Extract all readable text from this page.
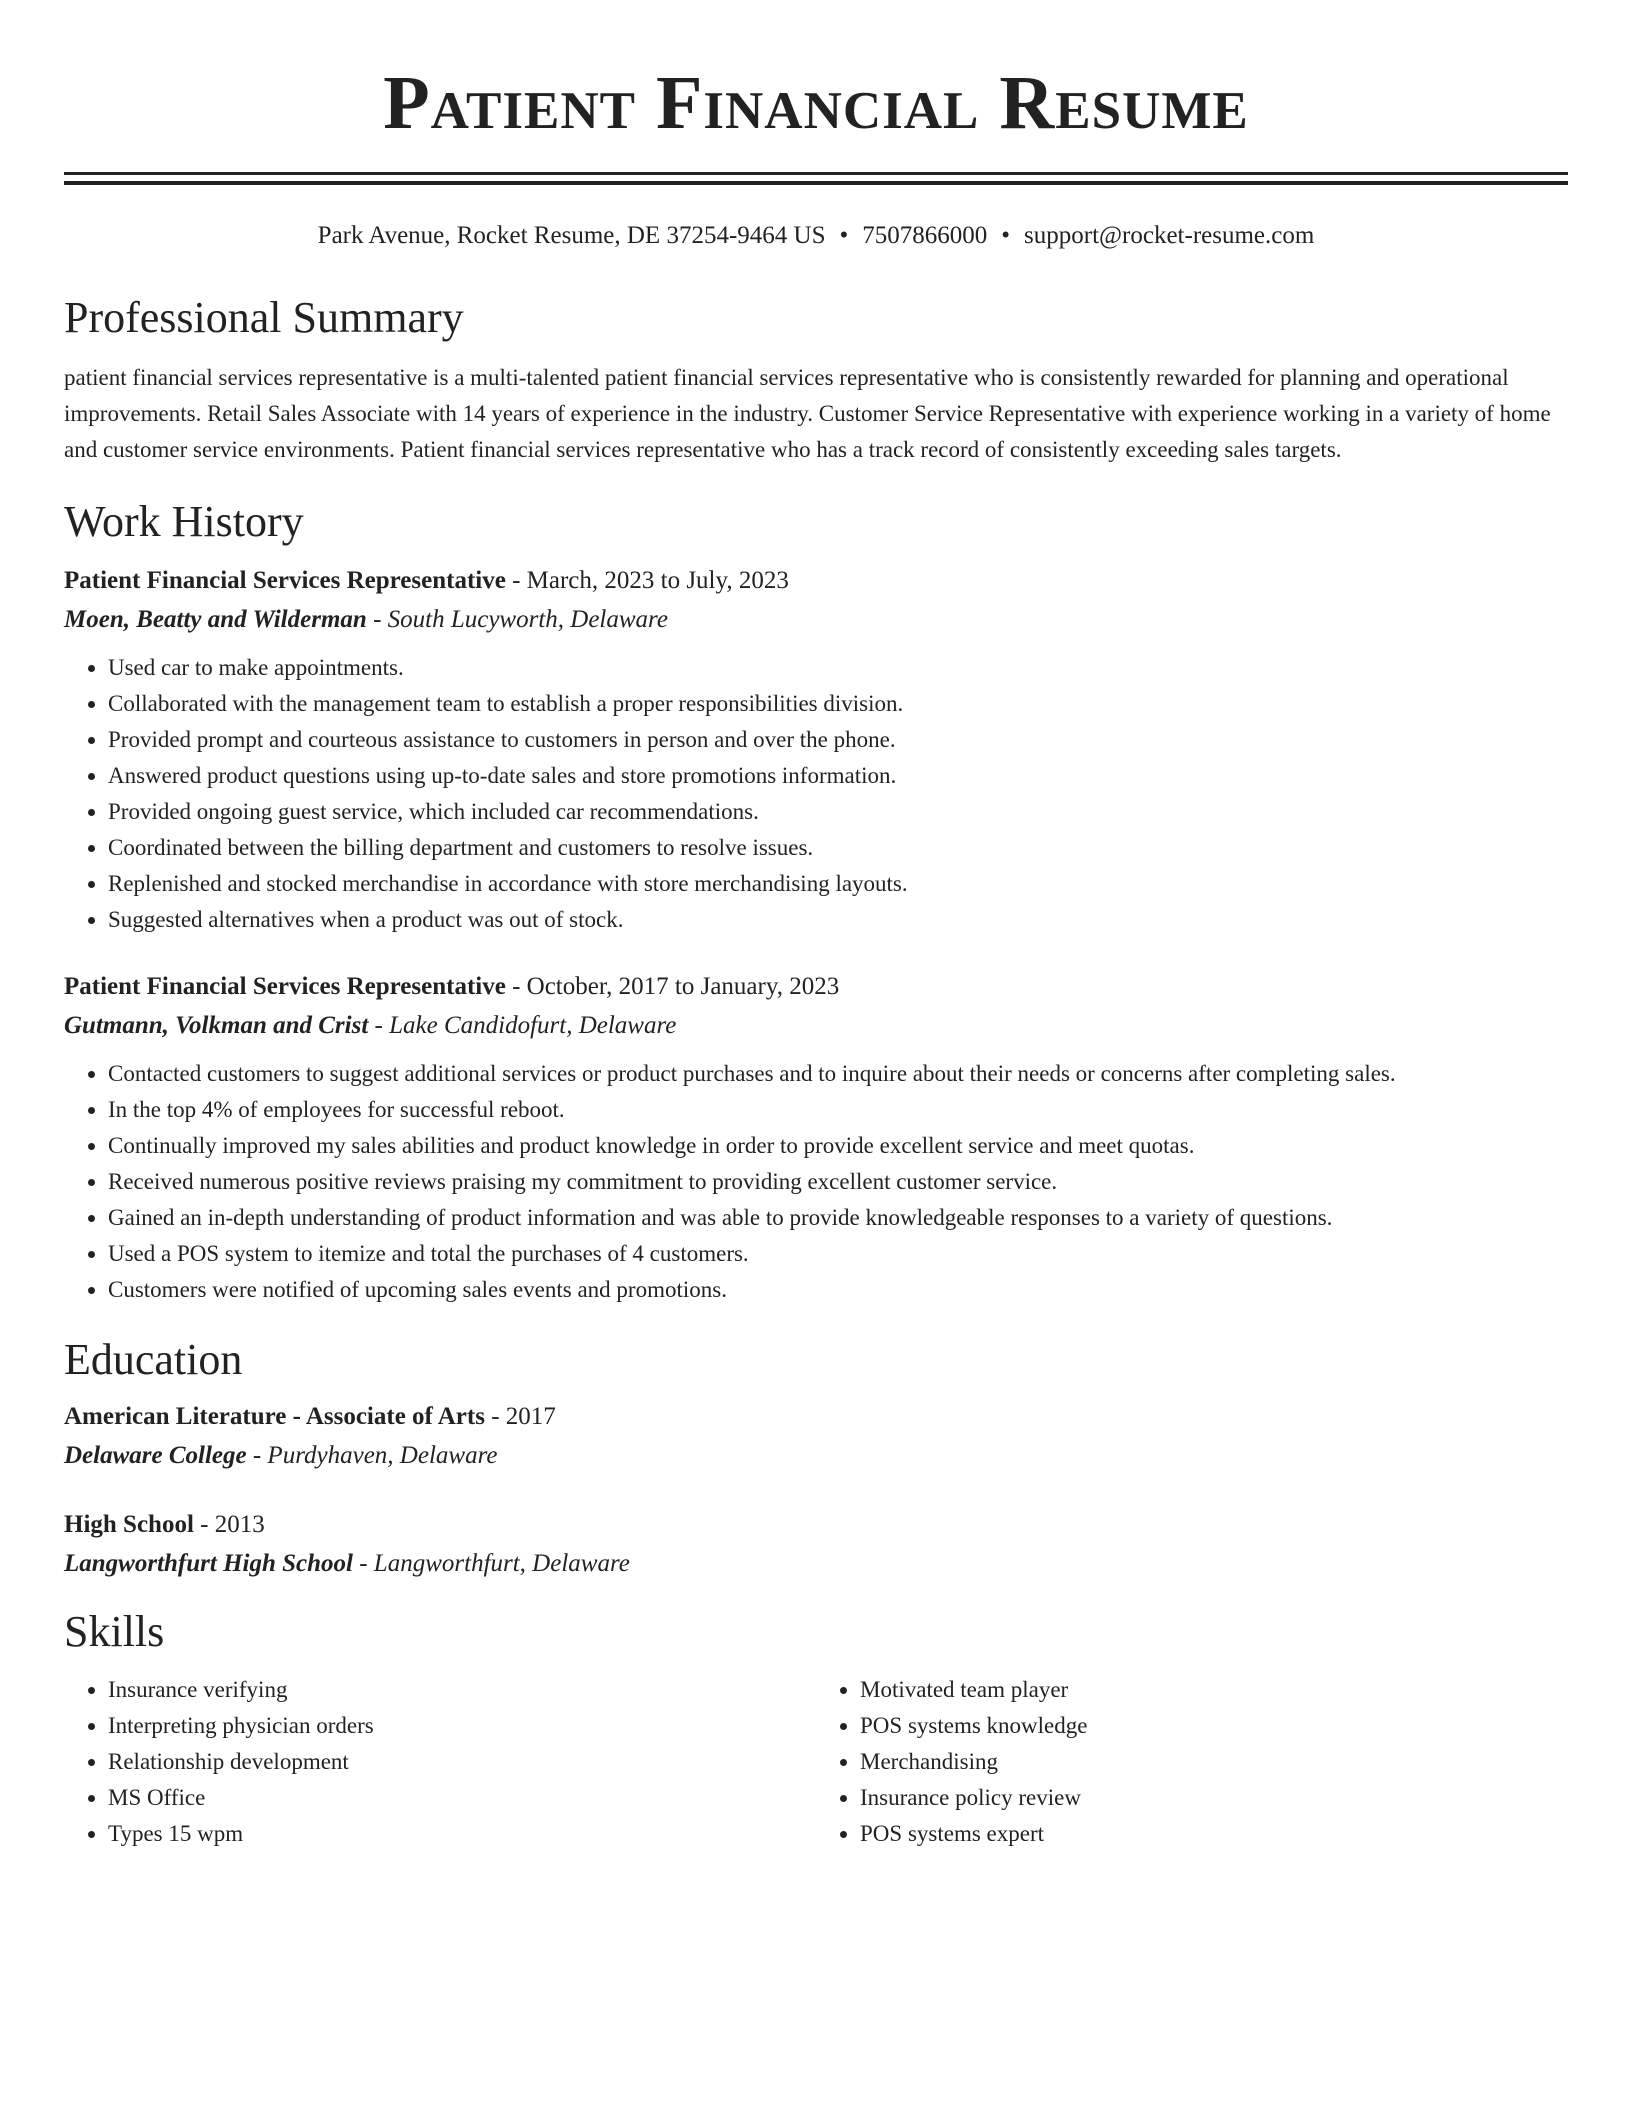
Patient Financial Resume
Park Avenue, Rocket Resume, DE 37254-9464 US • 7507866000 • support@rocket-resume.com
Professional Summary

patient financial services representative is a multi-talented patient financial services representative who is consistently rewarded for planning and operational improvements. Retail Sales Associate with 14 years of experience in the industry. Customer Service Representative with experience working in a variety of home and customer service environments. Patient financial services representative who has a track record of consistently exceeding sales targets.

Work History
Patient Financial Services Representative - March, 2023 to July, 2023
Moen, Beatty and Wilderman - South Lucyworth, Delaware
• Used car to make appointments.
• Collaborated with the management team to establish a proper responsibilities division.
• Provided prompt and courteous assistance to customers in person and over the phone.
• Answered product questions using up-to-date sales and store promotions information.
• Provided ongoing guest service, which included car recommendations.
• Coordinated between the billing department and customers to resolve issues.
• Replenished and stocked merchandise in accordance with store merchandising layouts.
• Suggested alternatives when a product was out of stock.
Patient Financial Services Representative - October, 2017 to January, 2023
Gutmann, Volkman and Crist - Lake Candidofurt, Delaware
• Contacted customers to suggest additional services or product purchases and to inquire about their needs or concerns after completing sales.
• In the top 4% of employees for successful reboot.
• Continually improved my sales abilities and product knowledge in order to provide excellent service and meet quotas.
• Received numerous positive reviews praising my commitment to providing excellent customer service.
• Gained an in-depth understanding of product information and was able to provide knowledgeable responses to a variety of questions.
• Used a POS system to itemize and total the purchases of 4 customers.
• Customers were notified of upcoming sales events and promotions.
Education
American Literature - Associate of Arts - 2017
Delaware College - Purdyhaven, Delaware
High School - 2013
Langworthfurt High School - Langworthfurt, Delaware
Skills
• Insurance verifying
• Interpreting physician orders
• Relationship development
• MS Office
• Types 15 wpm
• Motivated team player
• POS systems knowledge
• Merchandising
• Insurance policy review
• POS systems expert
